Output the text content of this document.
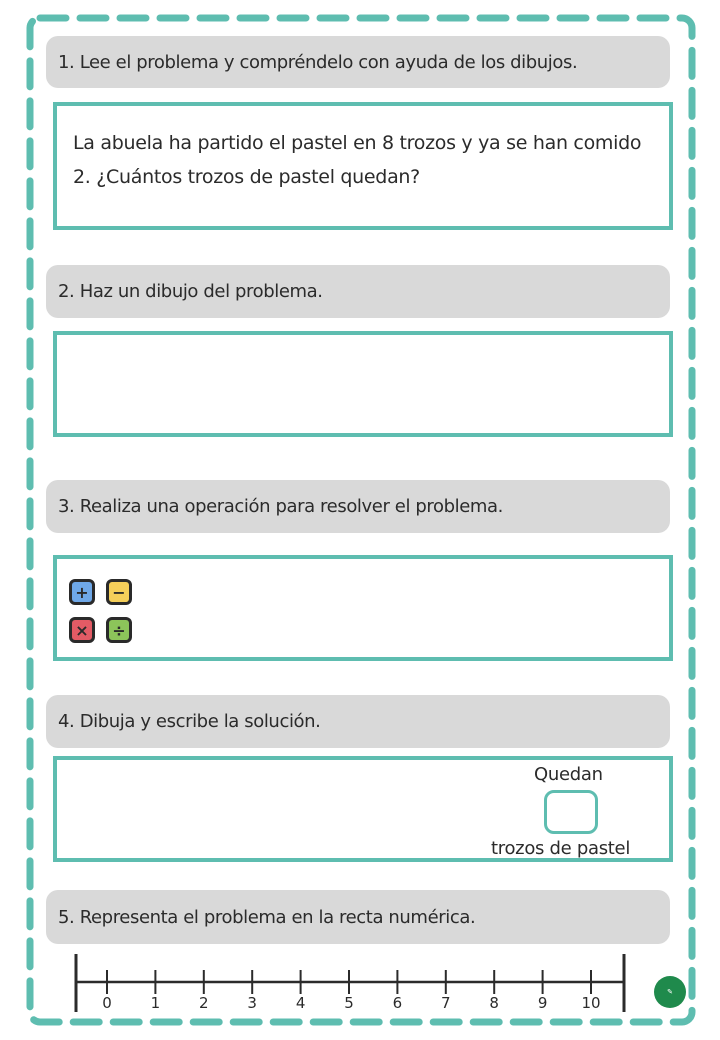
1. Lee el problema y compréndelo con ayuda de los dibujos.
La abuela ha partido el pastel en 8 trozos y ya se han comido
2. ¿Cuántos trozos de pastel quedan?
2. Haz un dibujo del problema.
3. Realiza una operación para resolver el problema.
+ −
× ÷
4. Dibuja y escribe la solución.
Quedan
trozos de pastel
5. Representa el problema en la recta numérica.
0	1	2	3	4	5	6	7	8	9 10
✎
